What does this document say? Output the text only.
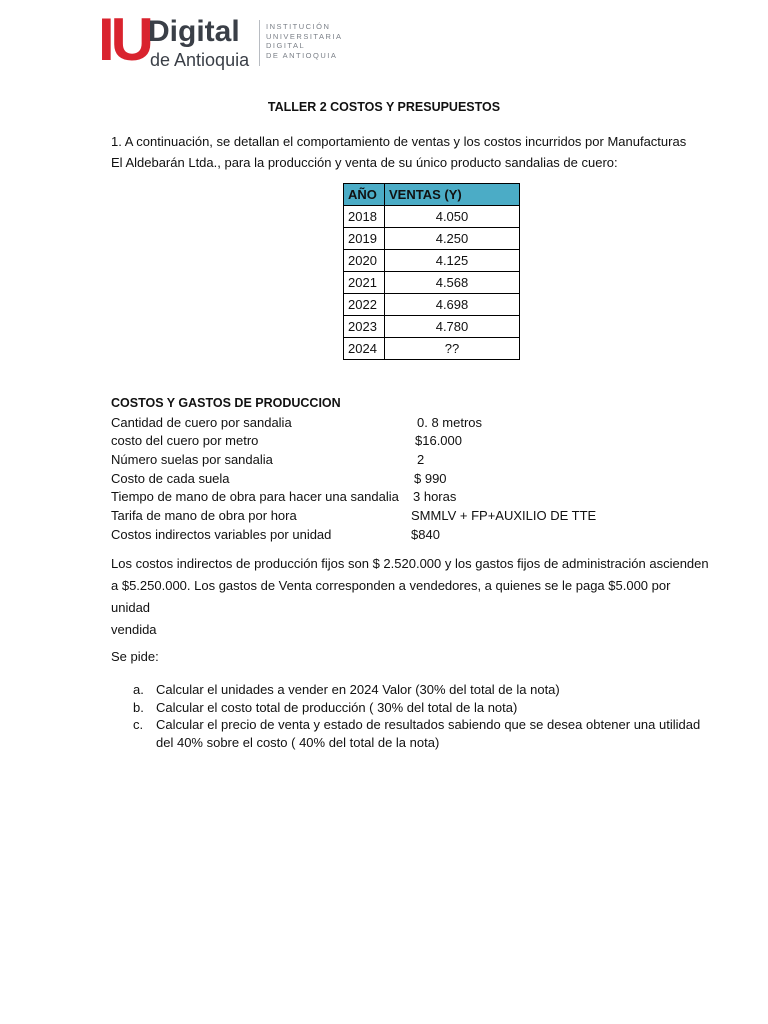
IU
Digital
de Antioquia
INSTITUCIÓN
UNIVERSITARIA
DIGITAL
DE ANTIOQUIA
TALLER 2 COSTOS Y PRESUPUESTOS
1. A continuación, se detallan el comportamiento de ventas y los costos incurridos por Manufacturas
El Aldebarán Ltda., para la producción y venta de su único producto sandalias de cuero:
AÑO	VENTAS (Y)
2018	4.050
2019	4.250
2020	4.125
2021	4.568
2022	4.698
2023	4.780
2024	??
COSTOS Y GASTOS DE PRODUCCION
Cantidad de cuero por sandalia	0. 8 metros
costo del cuero por metro	$16.000
Número suelas por sandalia	2
Costo de cada suela	$ 990
Tiempo de mano de obra para hacer una sandalia 3 horas
Tarifa de mano de obra por hora	SMMLV + FP+AUXILIO DE TTE
Costos indirectos variables por unidad	$840
Los costos indirectos de producción fijos son $ 2.520.000 y los gastos fijos de administración ascienden
a $5.250.000. Los gastos de Venta corresponden a vendedores, a quienes se le paga $5.000 por unidad
vendida
Se pide:
a. Calcular el unidades a vender en 2024 Valor (30% del total de la nota)
b. Calcular el costo total de producción ( 30% del total de la nota)
c. Calcular el precio de venta y estado de resultados sabiendo que se desea obtener una utilidad del 40% sobre el costo ( 40% del total de la nota)
